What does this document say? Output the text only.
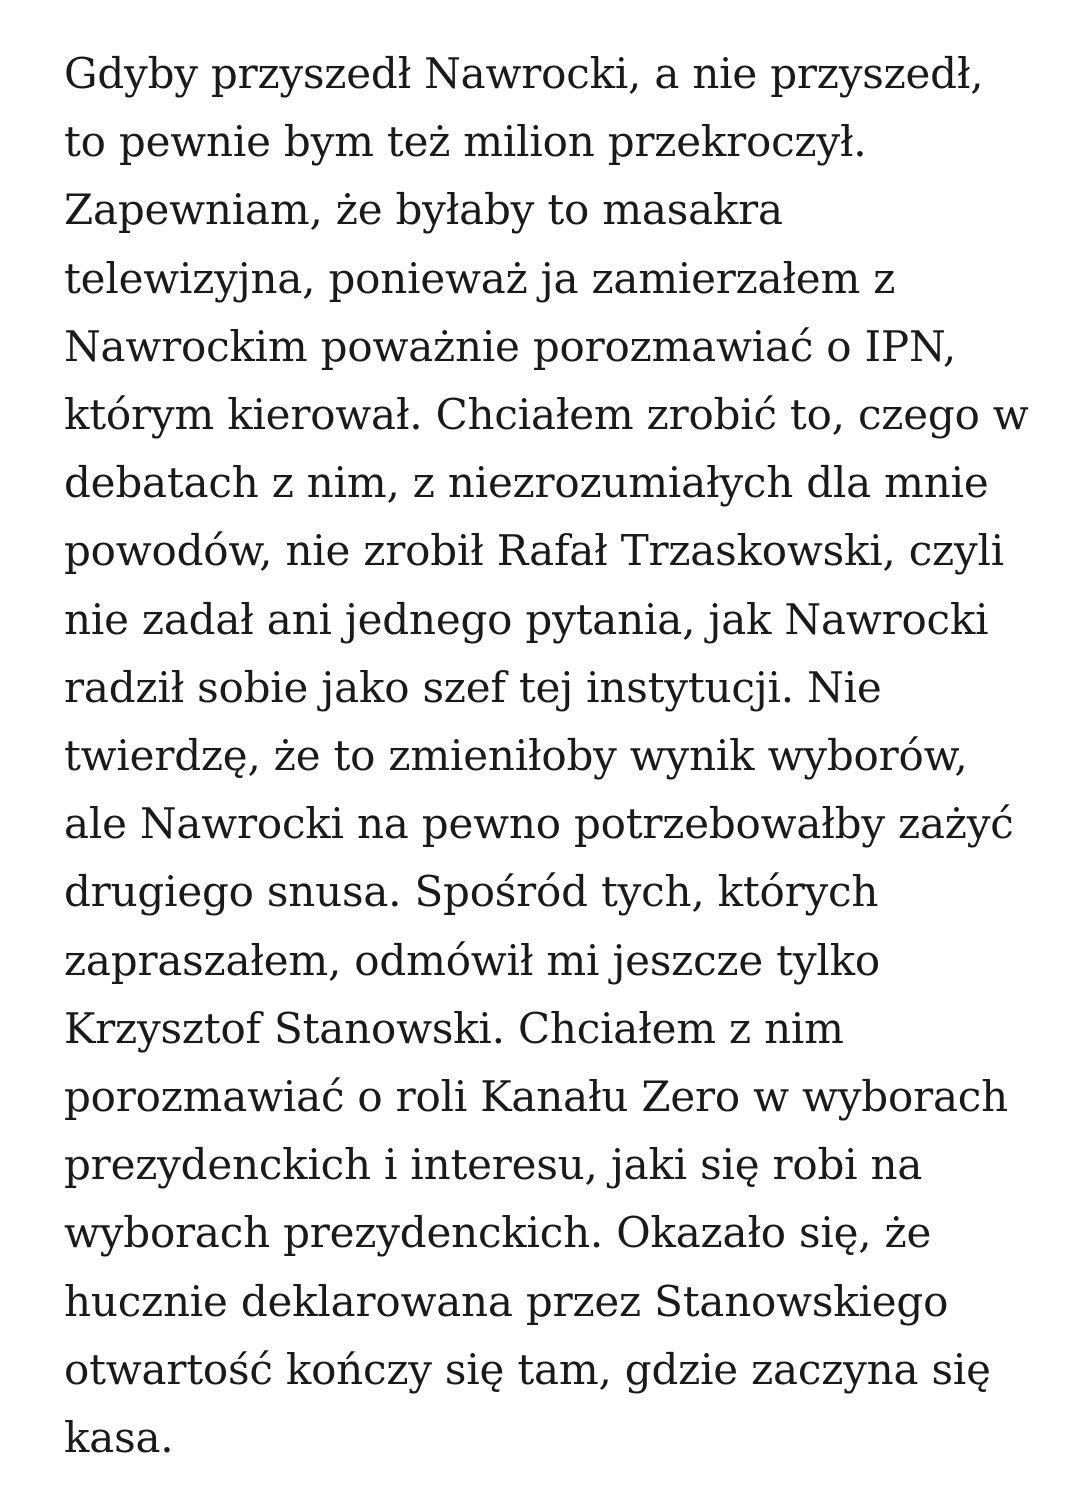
Gdyby przyszedł Nawrocki, a nie przyszedł,
to pewnie bym też milion przekroczył.
Zapewniam, że byłaby to masakra
telewizyjna, ponieważ ja zamierzałem z
Nawrockim poważnie porozmawiać o IPN,
którym kierował. Chciałem zrobić to, czego w
debatach z nim, z niezrozumiałych dla mnie
powodów, nie zrobił Rafał Trzaskowski, czyli
nie zadał ani jednego pytania, jak Nawrocki
radził sobie jako szef tej instytucji. Nie
twierdzę, że to zmieniłoby wynik wyborów,
ale Nawrocki na pewno potrzebowałby zażyć
drugiego snusa. Spośród tych, których
zapraszałem, odmówił mi jeszcze tylko
Krzysztof Stanowski. Chciałem z nim
porozmawiać o roli Kanału Zero w wyborach
prezydenckich i interesu, jaki się robi na
wyborach prezydenckich. Okazało się, że
hucznie deklarowana przez Stanowskiego
otwartość kończy się tam, gdzie zaczyna się
kasa.
